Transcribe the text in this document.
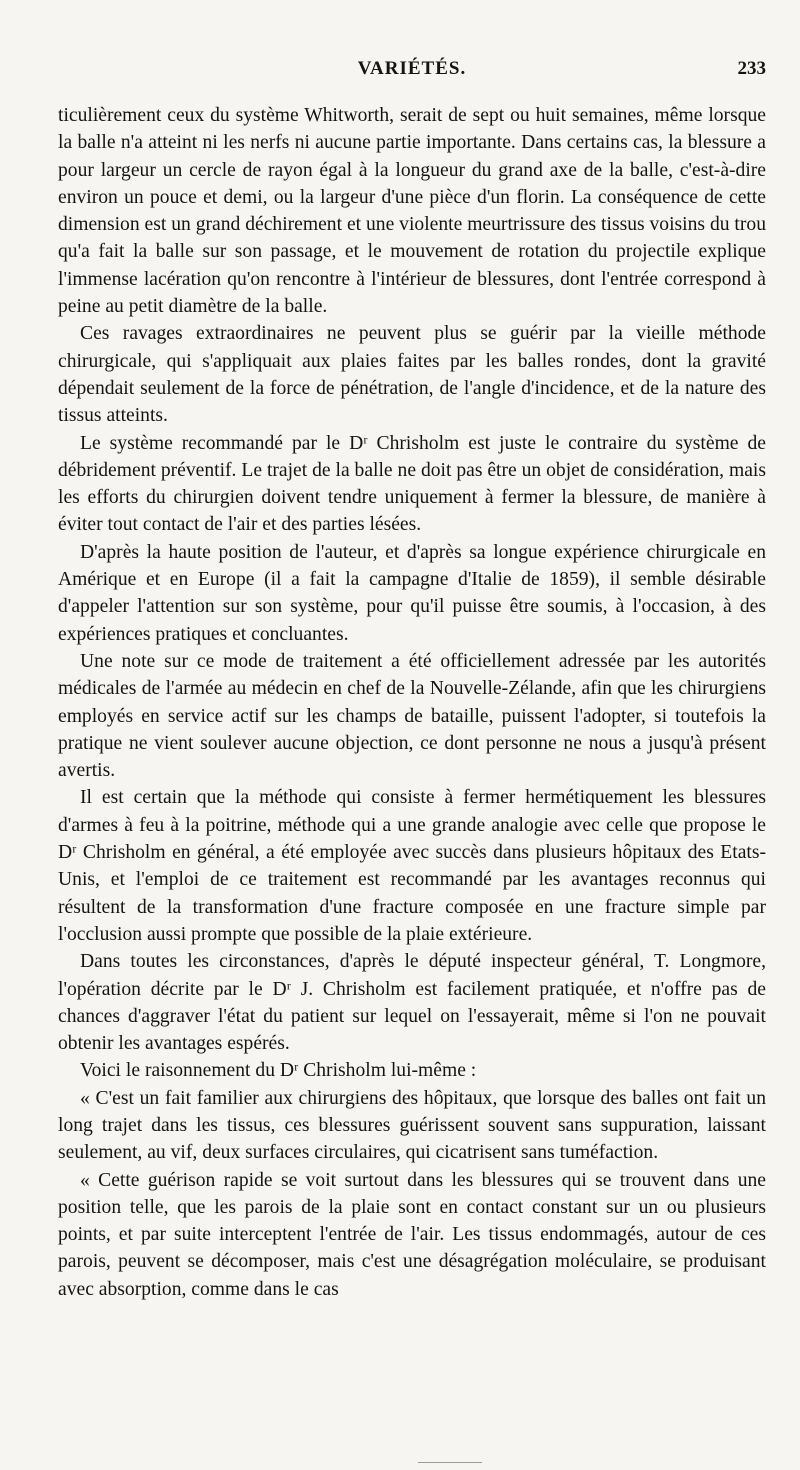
VARIÉTÉS.	233

ticulièrement ceux du système Whitworth, serait de sept ou huit semaines, même lorsque la balle n'a atteint ni les nerfs ni aucune partie importante. Dans certains cas, la blessure a pour largeur un cercle de rayon égal à la longueur du grand axe de la balle, c'est-à-dire environ un pouce et demi, ou la largeur d'une pièce d'un florin. La conséquence de cette dimension est un grand déchirement et une violente meurtrissure des tissus voisins du trou qu'a fait la balle sur son passage, et le mouvement de rotation du projectile explique l'immense lacération qu'on rencontre à l'intérieur de blessures, dont l'entrée correspond à peine au petit diamètre de la balle.

Ces ravages extraordinaires ne peuvent plus se guérir par la vieille méthode chirurgicale, qui s'appliquait aux plaies faites par les balles rondes, dont la gravité dépendait seulement de la force de pénétration, de l'angle d'incidence, et de la nature des tissus atteints.

Le système recommandé par le Dʳ Chrisholm est juste le contraire du système de débridement préventif. Le trajet de la balle ne doit pas être un objet de considération, mais les efforts du chirurgien doivent tendre uniquement à fermer la blessure, de manière à éviter tout contact de l'air et des parties lésées.

D'après la haute position de l'auteur, et d'après sa longue expérience chirurgicale en Amérique et en Europe (il a fait la campagne d'Italie de 1859), il semble désirable d'appeler l'attention sur son système, pour qu'il puisse être soumis, à l'occasion, à des expériences pratiques et concluantes.

Une note sur ce mode de traitement a été officiellement adressée par les autorités médicales de l'armée au médecin en chef de la Nouvelle-Zélande, afin que les chirurgiens employés en service actif sur les champs de bataille, puissent l'adopter, si toutefois la pratique ne vient soulever aucune objection, ce dont personne ne nous a jusqu'à présent avertis.

Il est certain que la méthode qui consiste à fermer hermétiquement les blessures d'armes à feu à la poitrine, méthode qui a une grande analogie avec celle que propose le Dʳ Chrisholm en général, a été employée avec succès dans plusieurs hôpitaux des Etats-Unis, et l'emploi de ce traitement est recommandé par les avantages reconnus qui résultent de la transformation d'une fracture composée en une fracture simple par l'occlusion aussi prompte que possible de la plaie extérieure.

Dans toutes les circonstances, d'après le député inspecteur général, T. Longmore, l'opération décrite par le Dʳ J. Chrisholm est facilement pratiquée, et n'offre pas de chances d'aggraver l'état du patient sur lequel on l'essayerait, même si l'on ne pouvait obtenir les avantages espérés.

Voici le raisonnement du Dʳ Chrisholm lui-même :

« C'est un fait familier aux chirurgiens des hôpitaux, que lorsque des balles ont fait un long trajet dans les tissus, ces blessures guérissent souvent sans suppuration, laissant seulement, au vif, deux surfaces circulaires, qui cicatrisent sans tuméfaction.

« Cette guérison rapide se voit surtout dans les blessures qui se trouvent dans une position telle, que les parois de la plaie sont en contact constant sur un ou plusieurs points, et par suite interceptent l'entrée de l'air. Les tissus endommagés, autour de ces parois, peuvent se décomposer, mais c'est une désagrégation moléculaire, se produisant avec absorption, comme dans le cas
